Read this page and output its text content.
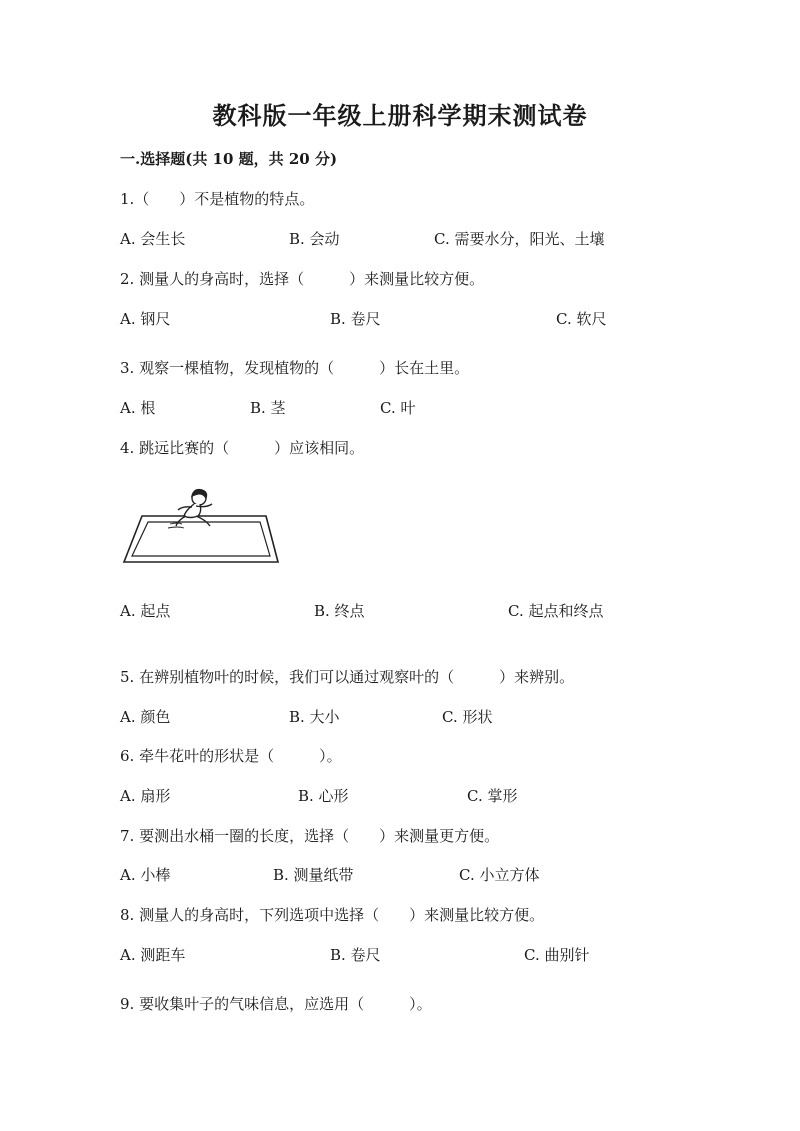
教科版一年级上册科学期末测试卷
一.选择题(共 10 题，共 20 分)
1.（　　）不是植物的特点。
A. 会生长	B. 会动	C. 需要水分，阳光、土壤
2. 测量人的身高时，选择（　　　）来测量比较方便。
A. 钢尺	B. 卷尺	C. 软尺
3. 观察一棵植物，发现植物的（　　　）长在土里。
A. 根	B. 茎	C. 叶
4. 跳远比赛的（　　　）应该相同。
A. 起点	B. 终点	C. 起点和终点
5. 在辨别植物叶的时候，我们可以通过观察叶的（　　　）来辨别。
A. 颜色	B. 大小	C. 形状
6. 牵牛花叶的形状是（　　　）。
A. 扇形	B. 心形	C. 掌形
7. 要测出水桶一圈的长度，选择（　　）来测量更方便。
A. 小棒	B. 测量纸带	C. 小立方体
8. 测量人的身高时，下列选项中选择（　　）来测量比较方便。
A. 测距车	B. 卷尺	C. 曲别针
9. 要收集叶子的气味信息，应选用（　　　）。
